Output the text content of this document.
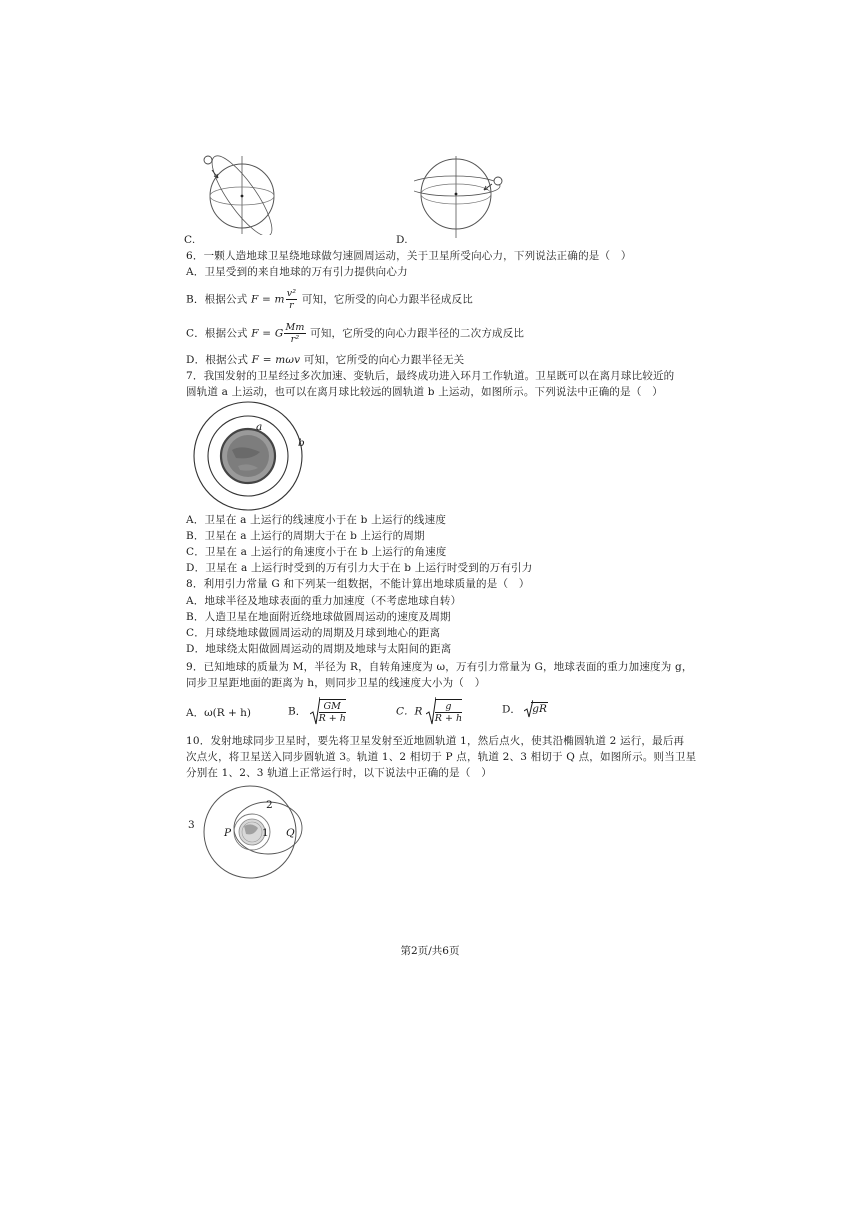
C.	D.
6．一颗人造地球卫星绕地球做匀速圆周运动，关于卫星所受向心力，下列说法正确的是（　）
A．卫星受到的来自地球的万有引力提供向心力
B．根据公式 F = m $\frac{\text{v²}}{r}$ 可知，它所受的向心力跟半径成反比
C．根据公式 F = G $\frac{Mm}{\text{r²}}$ 可知，它所受的向心力跟半径的二次方成反比
D．根据公式 F = mωv 可知，它所受的向心力跟半径无关
7．我国发射的卫星经过多次加速、变轨后，最终成功进入环月工作轨道。卫星既可以在离月球比较近的
圆轨道 a 上运动，也可以在离月球比较远的圆轨道 b 上运动，如图所示。下列说法中正确的是（　）
a
b
A．卫星在 a 上运行的线速度小于在 b 上运行的线速度
B．卫星在 a 上运行的周期大于在 b 上运行的周期
C．卫星在 a 上运行的角速度小于在 b 上运行的角速度
D．卫星在 a 上运行时受到的万有引力大于在 b 上运行时受到的万有引力
8．利用引力常量 G 和下列某一组数据，不能计算出地球质量的是（　）
A．地球半径及地球表面的重力加速度（不考虑地球自转）
B．人造卫星在地面附近绕地球做圆周运动的速度及周期
C．月球绕地球做圆周运动的周期及月球到地心的距离
D．地球绕太阳做圆周运动的周期及地球与太阳间的距离
9．已知地球的质量为 M，半径为 R，自转角速度为 ω，万有引力常量为 G，地球表面的重力加速度为 g，
同步卫星距地面的距离为 h，则同步卫星的线速度大小为（　）
A．ω(R + h)	B． $\frac{GM}{R + h}$	C．R $\frac{g}{R + h}$	D． gR
10．发射地球同步卫星时，要先将卫星发射至近地圆轨道 1，然后点火，使其沿椭圆轨道 2 运行，最后再
次点火，将卫星送入同步圆轨道 3。轨道 1、2 相切于 P 点，轨道 2、3 相切于 Q 点，如图所示。则当卫星
分别在 1、2、3 轨道上正常运行时，以下说法中正确的是（　）
3
2
1
P	Q
第2页/共6页
